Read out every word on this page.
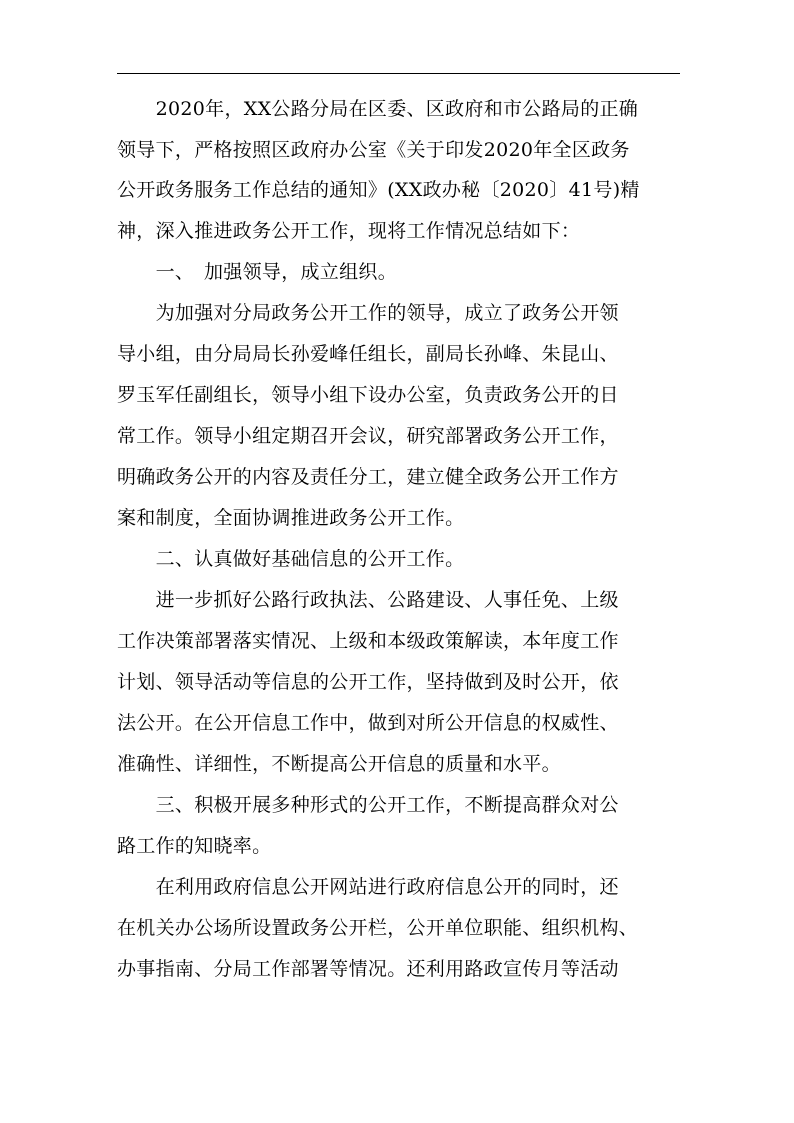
　　2020年，XX公路分局在区委、区政府和市公路局的正确
领导下，严格按照区政府办公室《关于印发2020年全区政务
公开政务服务工作总结的通知》(XX政办秘〔2020〕41号)精
神，深入推进政务公开工作，现将工作情况总结如下：
　　一、　加强领导，成立组织。
　　为加强对分局政务公开工作的领导，成立了政务公开领
导小组，由分局局长孙爱峰任组长，副局长孙峰、朱昆山、
罗玉军任副组长，领导小组下设办公室，负责政务公开的日
常工作。领导小组定期召开会议，研究部署政务公开工作，
明确政务公开的内容及责任分工，建立健全政务公开工作方
案和制度，全面协调推进政务公开工作。
　　二、认真做好基础信息的公开工作。
　　进一步抓好公路行政执法、公路建设、人事任免、上级
工作决策部署落实情况、上级和本级政策解读，本年度工作
计划、领导活动等信息的公开工作，坚持做到及时公开，依
法公开。在公开信息工作中，做到对所公开信息的权威性、
准确性、详细性，不断提高公开信息的质量和水平。
　　三、积极开展多种形式的公开工作，不断提高群众对公
路工作的知晓率。
　　在利用政府信息公开网站进行政府信息公开的同时，还
在机关办公场所设置政务公开栏，公开单位职能、组织机构、
办事指南、分局工作部署等情况。还利用路政宣传月等活动
